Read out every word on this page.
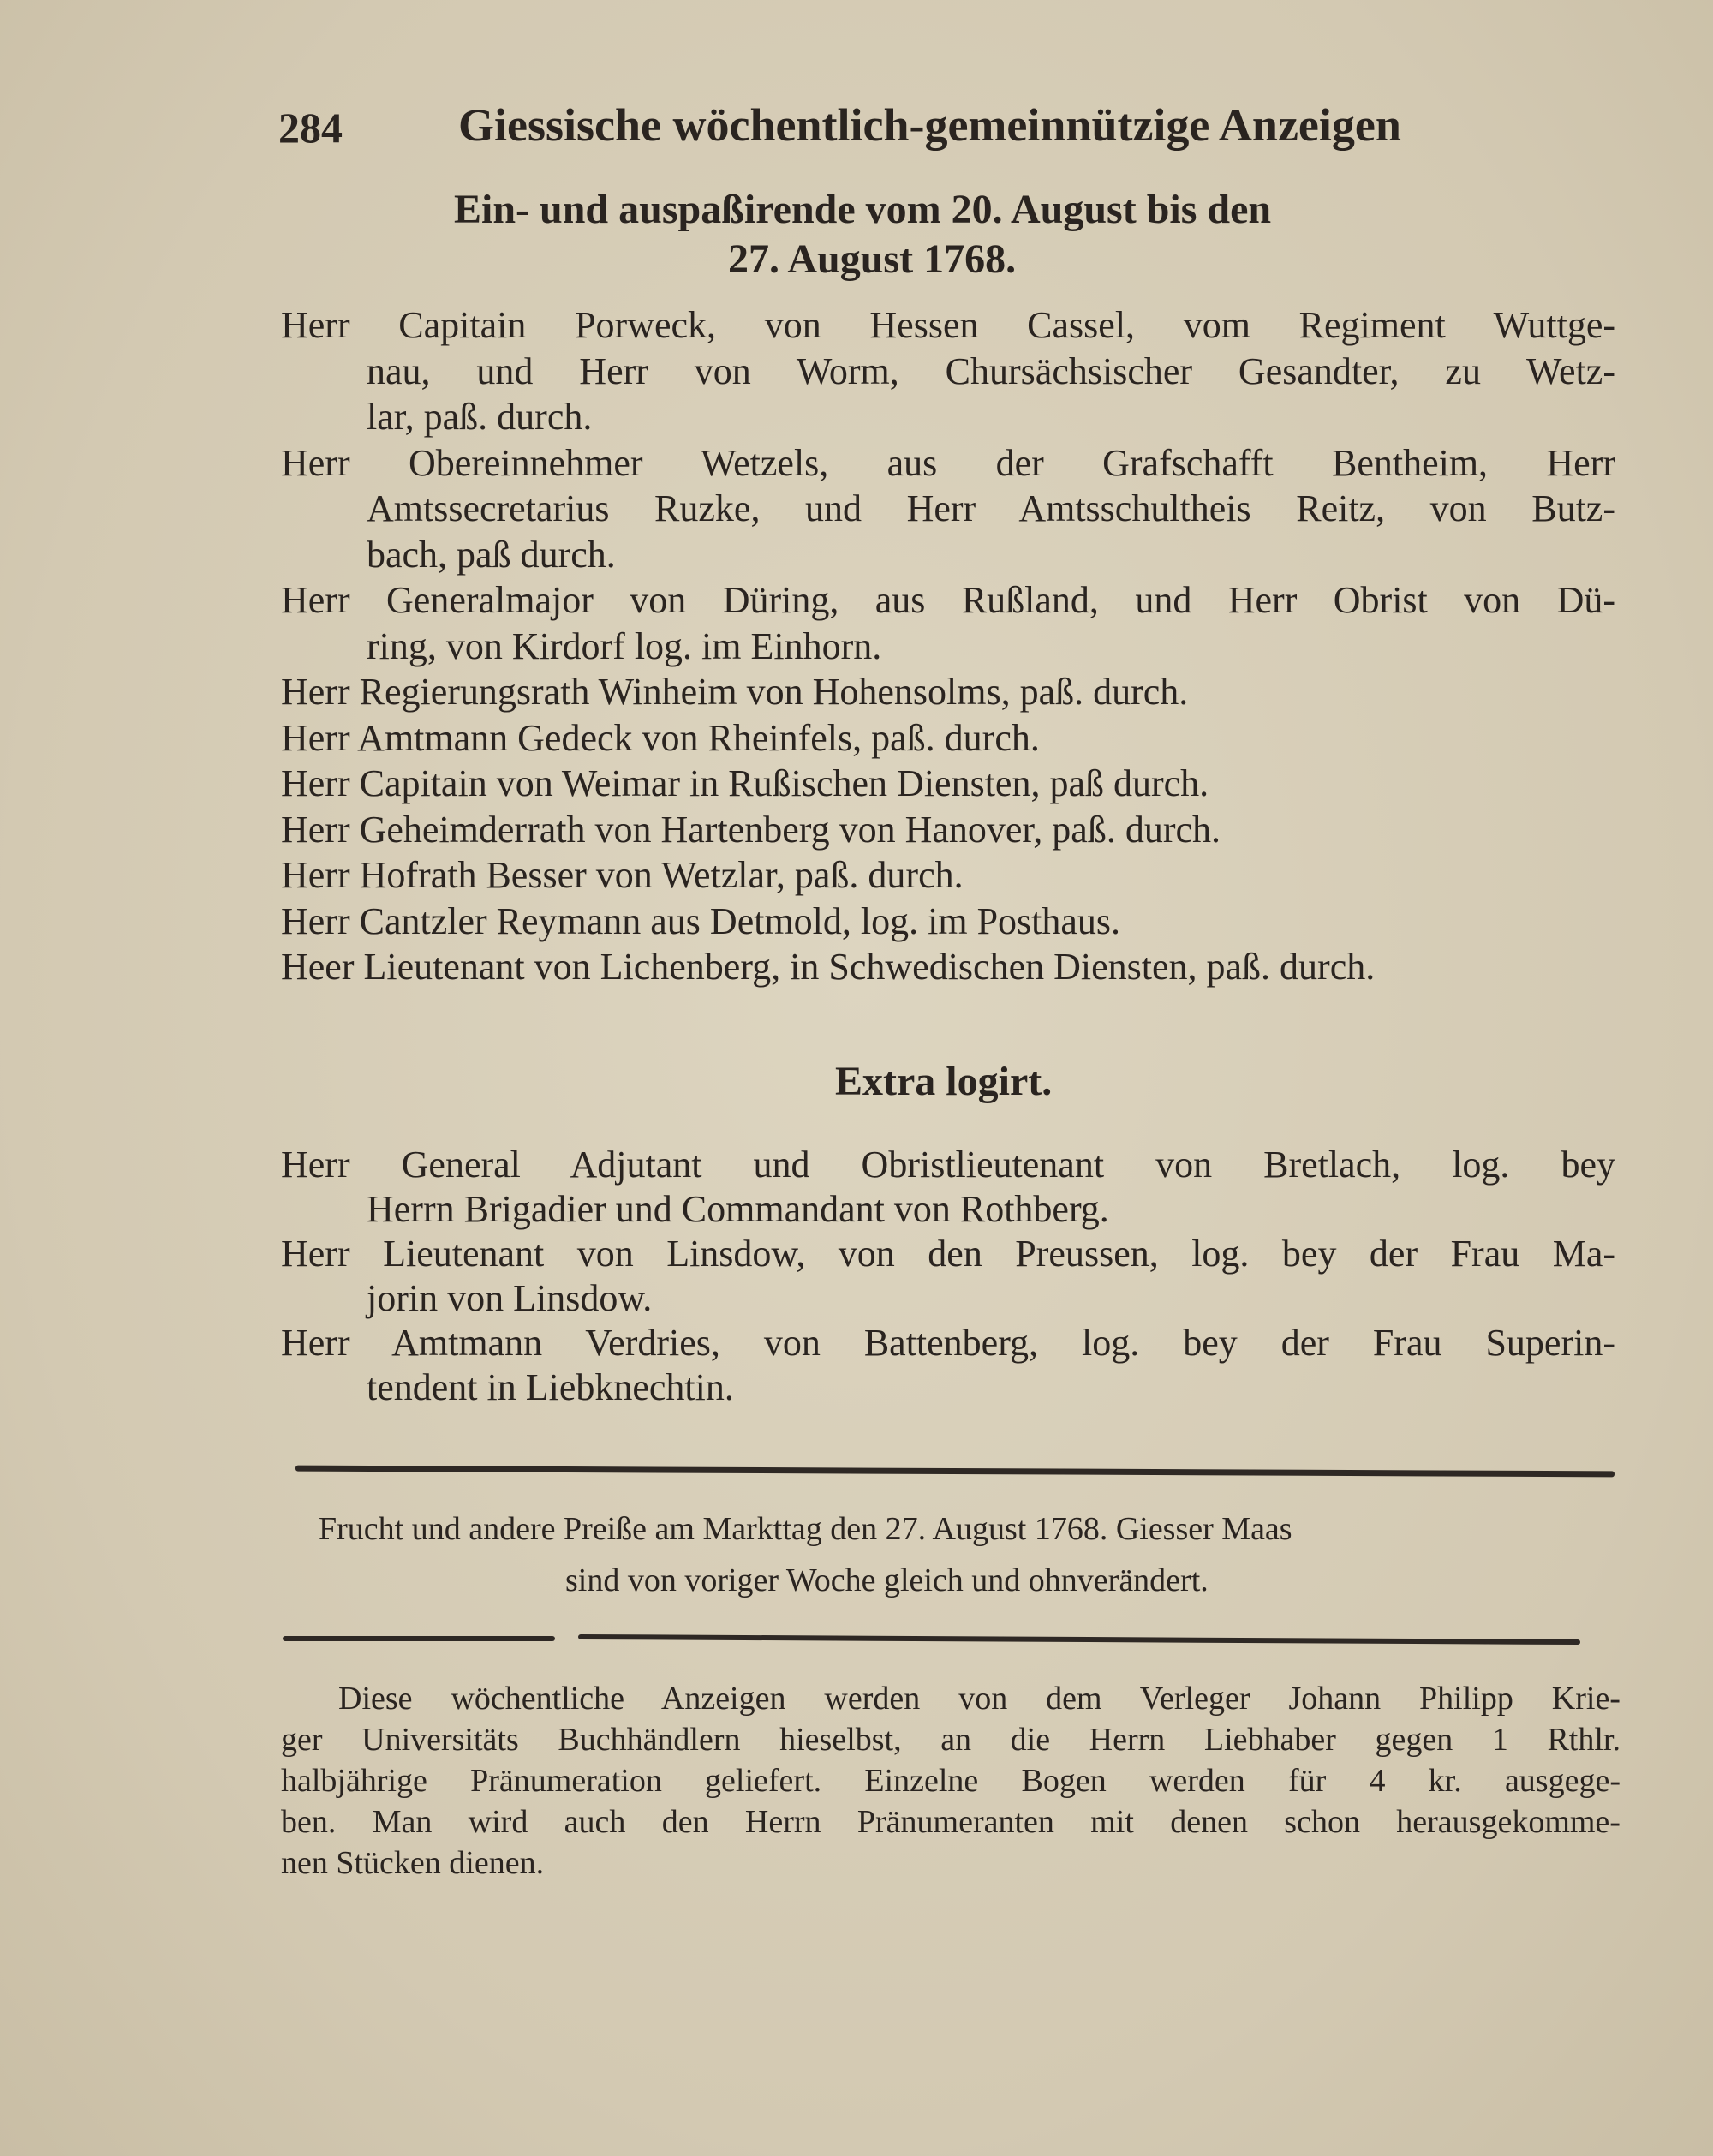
284	Giessische wöchentlich-gemeinnützige Anzeigen
Ein- und auspaßirende vom 20. August bis den
27. August 1768.
Herr Capitain Porweck, von Hessen Cassel, vom Regiment Wuttge-
nau, und Herr von Worm, Chursächsischer Gesandter, zu Wetz-
lar, paß. durch.
Herr Obereinnehmer Wetzels, aus der Grafschafft Bentheim, Herr
Amtssecretarius Ruzke, und Herr Amtsschultheis Reitz, von Butz-
bach, paß durch.
Herr Generalmajor von Düring, aus Rußland, und Herr Obrist von Dü-
ring, von Kirdorf log. im Einhorn.
Herr Regierungsrath Winheim von Hohensolms, paß. durch.
Herr Amtmann Gedeck von Rheinfels, paß. durch.
Herr Capitain von Weimar in Rußischen Diensten, paß durch.
Herr Geheimderrath von Hartenberg von Hanover, paß. durch.
Herr Hofrath Besser von Wetzlar, paß. durch.
Herr Cantzler Reymann aus Detmold, log. im Posthaus.
Heer Lieutenant von Lichenberg, in Schwedischen Diensten, paß. durch.
Extra logirt.
Herr General Adjutant und Obristlieutenant von Bretlach, log. bey
Herrn Brigadier und Commandant von Rothberg.
Herr Lieutenant von Linsdow, von den Preussen, log. bey der Frau Ma-
jorin von Linsdow.
Herr Amtmann Verdries, von Battenberg, log. bey der Frau Superin-
tendent in Liebknechtin.
Frucht und andere Preiße am Markttag den 27. August 1768. Giesser Maas
sind von voriger Woche gleich und ohnverändert.
Diese wöchentliche Anzeigen werden von dem Verleger Johann Philipp Krie-
ger Universitäts Buchhändlern hieselbst, an die Herrn Liebhaber gegen 1 Rthlr.
halbjährige Pränumeration geliefert. Einzelne Bogen werden für 4 kr. ausgege-
ben. Man wird auch den Herrn Pränumeranten mit denen schon herausgekomme-
nen Stücken dienen.
